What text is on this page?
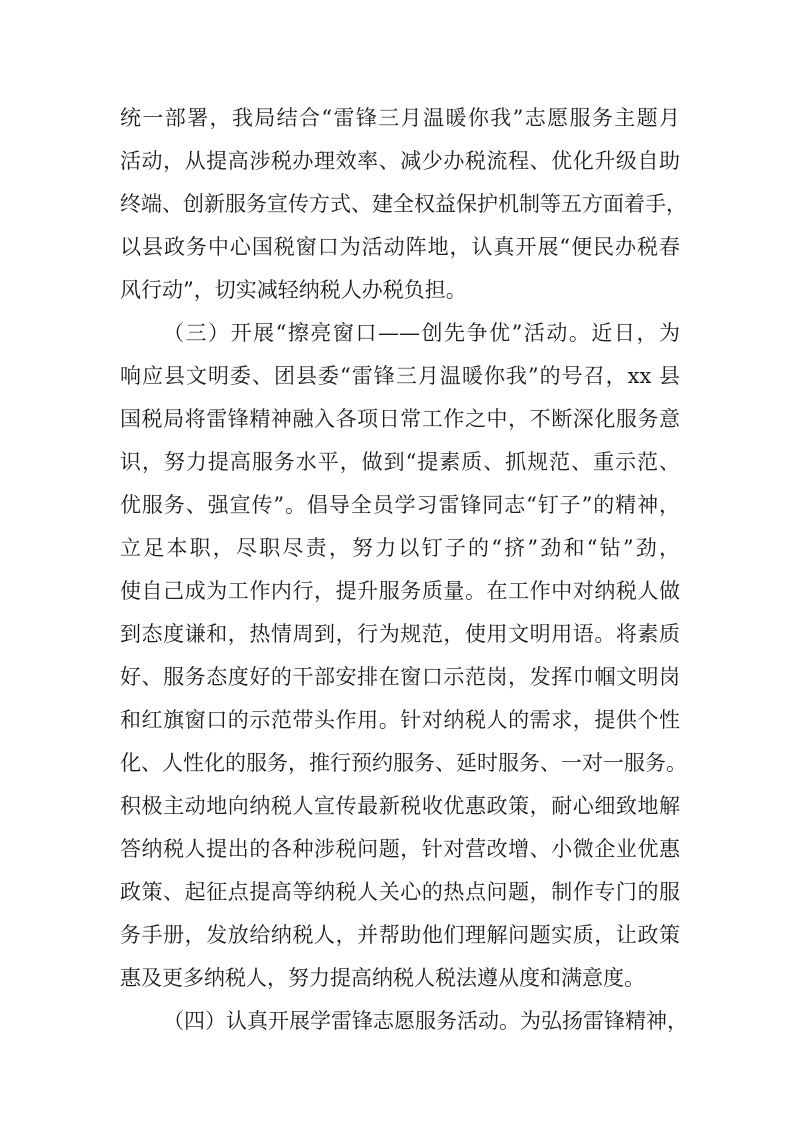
统一部署，我局结合“雷锋三月温暖你我”志愿服务主题月
活动，从提高涉税办理效率、减少办税流程、优化升级自助
终端、创新服务宣传方式、建全权益保护机制等五方面着手，
以县政务中心国税窗口为活动阵地，认真开展“便民办税春
风行动”，切实减轻纳税人办税负担。
（三）开展“擦亮窗口——创先争优”活动。近日，为
响应县文明委、团县委“雷锋三月温暖你我”的号召，xx 县
国税局将雷锋精神融入各项日常工作之中，不断深化服务意
识，努力提高服务水平，做到“提素质、抓规范、重示范、
优服务、强宣传”。倡导全员学习雷锋同志“钉子”的精神，
立足本职，尽职尽责，努力以钉子的“挤”劲和“钻”劲，
使自己成为工作内行，提升服务质量。在工作中对纳税人做
到态度谦和，热情周到，行为规范，使用文明用语。将素质
好、服务态度好的干部安排在窗口示范岗，发挥巾帼文明岗
和红旗窗口的示范带头作用。针对纳税人的需求，提供个性
化、人性化的服务，推行预约服务、延时服务、一对一服务。
积极主动地向纳税人宣传最新税收优惠政策，耐心细致地解
答纳税人提出的各种涉税问题，针对营改增、小微企业优惠
政策、起征点提高等纳税人关心的热点问题，制作专门的服
务手册，发放给纳税人，并帮助他们理解问题实质，让政策
惠及更多纳税人，努力提高纳税人税法遵从度和满意度。
（四）认真开展学雷锋志愿服务活动。为弘扬雷锋精神，
